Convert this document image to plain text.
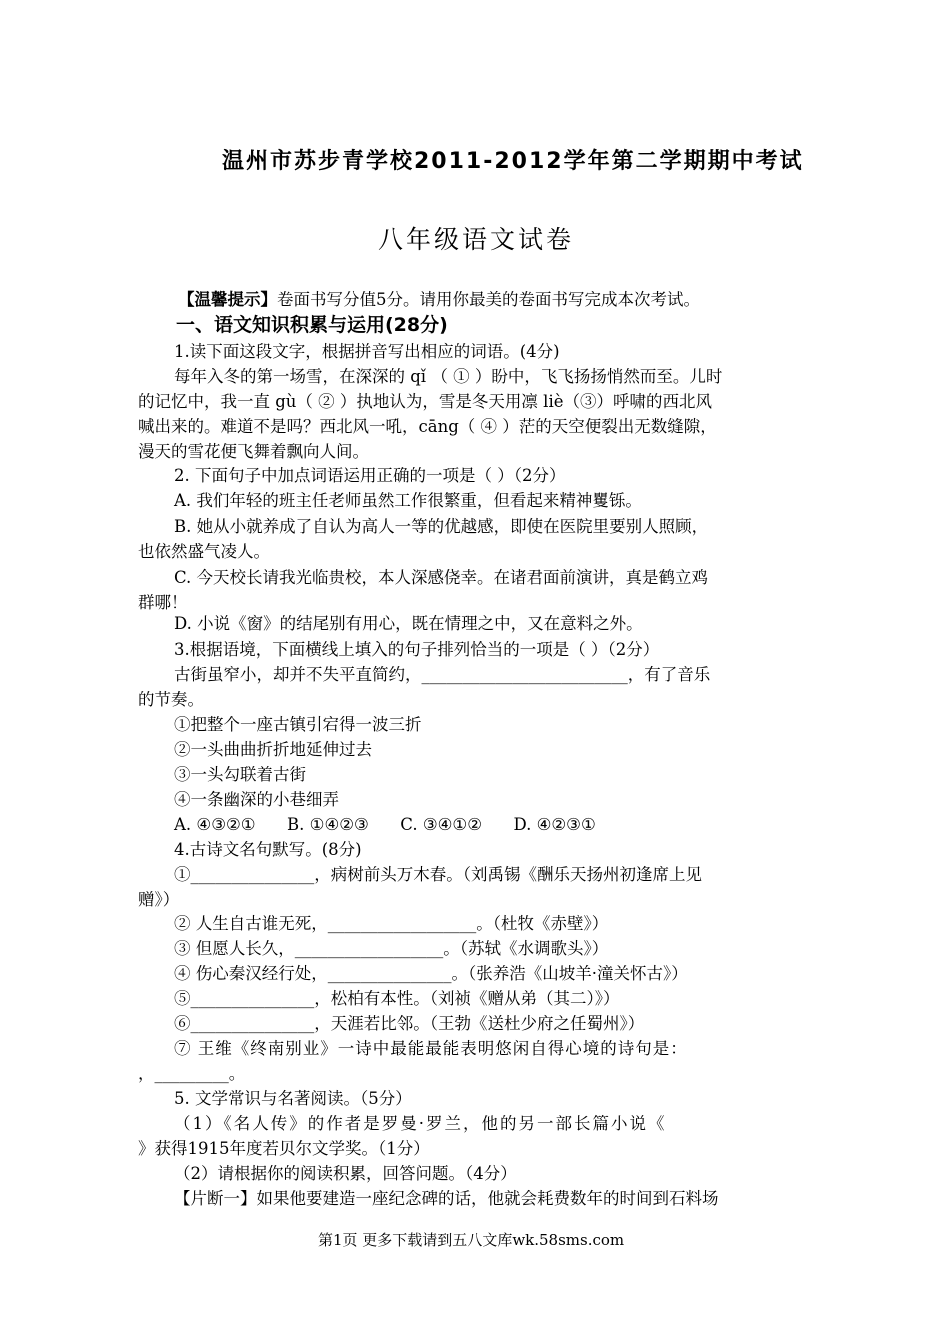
温州市苏步青学校2011-2012学年第二学期期中考试
八年级语文试卷
【温馨提示】卷面书写分值5分。请用你最美的卷面书写完成本次考试。
一、语文知识积累与运用(28分)
1.读下面这段文字，根据拼音写出相应的词语。(4分)
每年入冬的第一场雪，在深深的 qǐ （ ① ）盼中，飞飞扬扬悄然而至。儿时
的记忆中，我一直 gù（ ② ）执地认为，雪是冬天用凛 liè（③）呼啸的西北风
喊出来的。难道不是吗？西北风一吼，cāng（ ④ ）茫的天空便裂出无数缝隙，
漫天的雪花便飞舞着飘向人间。
2. 下面句子中加点词语运用正确的一项是（ ）（2分）
A. 我们年轻的班主任老师虽然工作很繁重，但看起来精神矍铄。
B. 她从小就养成了自认为高人一等的优越感，即使在医院里要别人照顾，
也依然盛气凌人。
C. 今天校长请我光临贵校，本人深感侥幸。在诸君面前演讲，真是鹤立鸡
群哪！
D. 小说《窗》的结尾别有用心，既在情理之中，又在意料之外。
3.根据语境，下面横线上填入的句子排列恰当的一项是（ ）（2分）
古街虽窄小，却并不失平直简约，_________________________，有了音乐
的节奏。
①把整个一座古镇引宕得一波三折
②一头曲曲折折地延伸过去
③一头勾联着古街
④一条幽深的小巷细弄
A. ④③②①      B. ①④②③      C. ③④①②      D. ④②③①
4.古诗文名句默写。(8分)
①_______________，病树前头万木春。（刘禹锡《酬乐天扬州初逢席上见
赠》）
② 人生自古谁无死，__________________。（杜牧《赤壁》）
③ 但愿人长久，__________________。（苏轼《水调歌头》）
④ 伤心秦汉经行处，_______________。（张养浩《山坡羊·潼关怀古》）
⑤_______________，松柏有本性。（刘祯《赠从弟（其二）》）
⑥_______________，天涯若比邻。（王勃《送杜少府之任蜀州》）
⑦ 王维《终南别业》一诗中最能最能表明悠闲自得心境的诗句是：
，_________。
5. 文学常识与名著阅读。（5分）
（1）《名人传》的作者是罗曼·罗兰，他的另一部长篇小说《
》获得1915年度若贝尔文学奖。（1分）
（2）请根据你的阅读积累，回答问题。（4分）
【片断一】如果他要建造一座纪念碑的话，他就会耗费数年的时间到石料场
第1页 更多下载请到五八文库wk.58sms.com
